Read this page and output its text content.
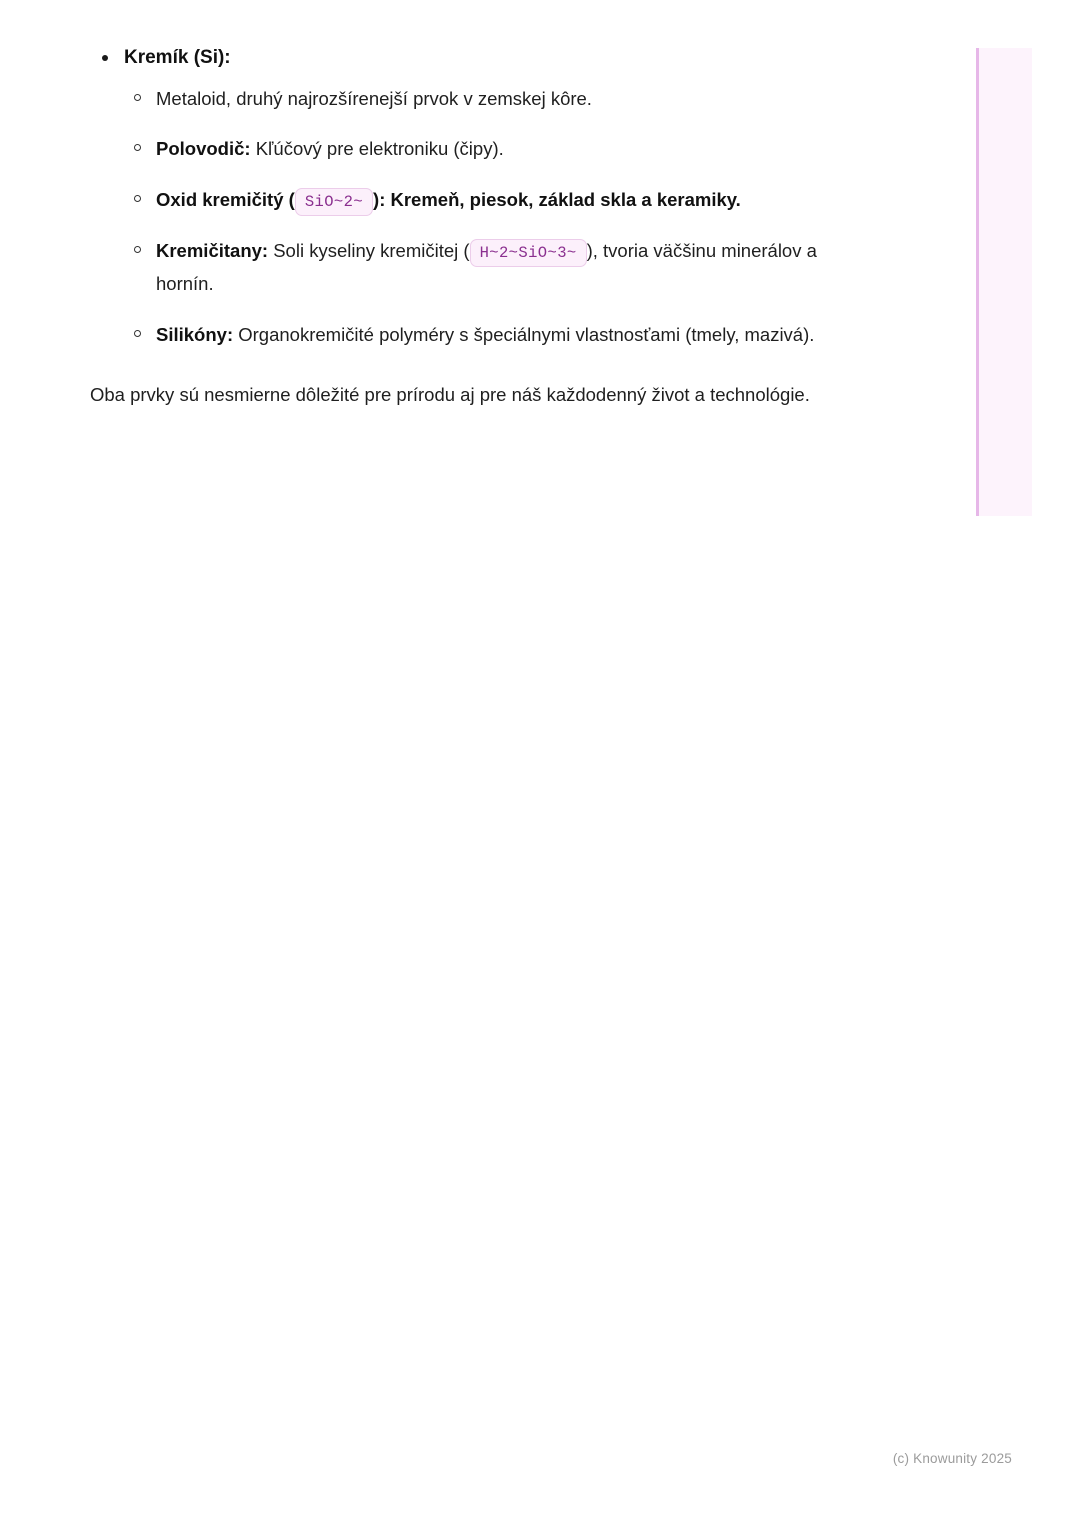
Kremík (Si):
Metaloid, druhý najrozšírenejší prvok v zemskej kôre.
Polovodič: Kľúčový pre elektroniku (čipy).
Oxid kremičitý ( SiO~2~ ): Kremeň, piesok, základ skla a keramiky.
Kremičitany: Soli kyseliny kremičitej ( H~2~SiO~3~ ), tvoria väčšinu minerálov a hornín.
Silikóny: Organokremičité polyméry s špeciálnymi vlastnosťami (tmely, mazivá).

Oba prvky sú nesmierne dôležité pre prírodu aj pre náš každodenný život a technológie.

(c) Knowunity 2025
